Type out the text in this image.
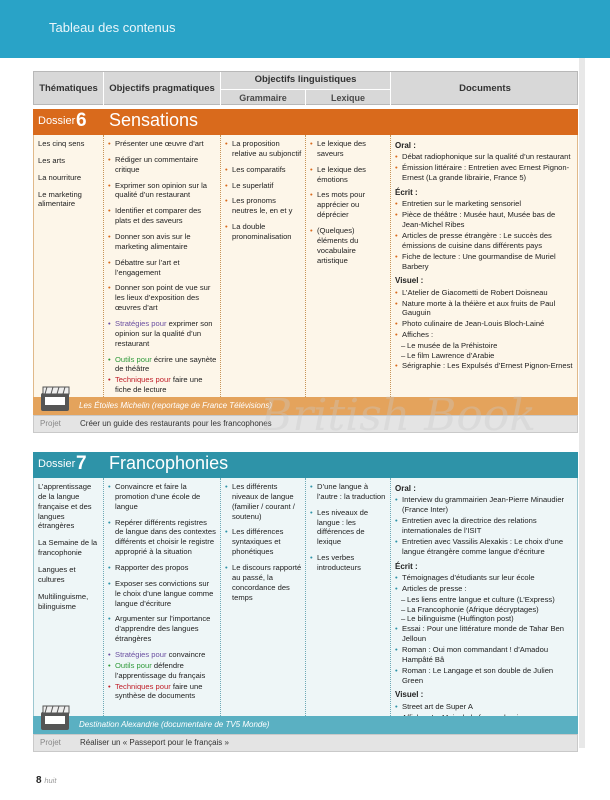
Tableau des contenus
Thématiques	Objectifs pragmatiques
Objectifs linguistiques
Grammaire	Lexique
Documents
Dossier 6 Sensations
Les cinq sens
Les arts
La nourriture
Le marketing alimentaire
• Présenter une œuvre d’art
• Rédiger un commentaire critique
• Exprimer son opinion sur la qualité d’un restaurant
• Identifier et comparer des plats et des saveurs
• Donner son avis sur le marketing alimentaire
• Débattre sur l’art et l’engagement
• Donner son point de vue sur les lieux d’exposition des œuvres d’art
• Stratégies pour exprimer son opinion sur la qualité d’un restaurant
• Outils pour écrire une saynète de théâtre
• Techniques pour faire une fiche de lecture
• La proposition relative au subjonctif
• Les comparatifs
• Le superlatif
• Les pronoms neutres le, en et y
• La double pronominalisation
• Le lexique des saveurs
• Le lexique des émotions
• Les mots pour apprécier ou déprécier
• (Quelques) éléments du vocabulaire artistique
Oral :
• Débat radiophonique sur la qualité d’un restaurant
• Émission littéraire : Entretien avec Ernest Pignon-Ernest (La grande librairie, France 5)
Écrit :
• Entretien sur le marketing sensoriel
• Pièce de théâtre : Musée haut, Musée bas de Jean-Michel Ribes
• Articles de presse étrangère : Le succès des émissions de cuisine dans différents pays
• Fiche de lecture : Une gourmandise de Muriel Barbery
Visuel :
• L’Atelier de Giacometti de Robert Doisneau
• Nature morte à la théière et aux fruits de Paul Gauguin
• Photo culinaire de Jean-Louis Bloch-Lainé
• Affiches :
– Le musée de la Préhistoire
– Le film Lawrence d’Arabie
• Sérigraphie : Les Expulsés d’Ernest Pignon-Ernest
Les Étoiles Michelin (reportage de France Télévisions)
Projet Créer un guide des restaurants pour les francophones
Dossier 7 Francophonies
L’apprentissage de la langue française et des langues étrangères
La Semaine de la francophonie
Langues et cultures
Multilinguisme, bilinguisme
• Convaincre et faire la promotion d’une école de langue
• Repérer différents registres de langue dans des contextes différents et choisir le registre approprié à la situation
• Rapporter des propos
• Exposer ses convictions sur le choix d’une langue comme langue d’écriture
• Argumenter sur l’importance d’apprendre des langues étrangères
• Stratégies pour convaincre
• Outils pour défendre l’apprentissage du français
• Techniques pour faire une synthèse de documents
• Les différents niveaux de langue (familier / courant / soutenu)
• Les différences syntaxiques et phonétiques
• Le discours rapporté au passé, la concordance des temps
• D’une langue à l’autre : la traduction
• Les niveaux de langue : les différences de lexique
• Les verbes introducteurs
Oral :
• Interview du grammairien Jean-Pierre Minaudier (France Inter)
• Entretien avec la directrice des relations internationales de l’ISIT
• Entretien avec Vassilis Alexakis : Le choix d’une langue étrangère comme langue d’écriture
Écrit :
• Témoignages d’étudiants sur leur école
• Articles de presse :
– Les liens entre langue et culture (L’Express)
– La Francophonie (Afrique décryptages)
– Le bilinguisme (Huffington post)
• Essai : Pour une littérature monde de Tahar Ben Jelloun
• Roman : Oui mon commandant ! d’Amadou Hampâté Bâ
• Roman : Le Langage et son double de Julien Green
Visuel :
• Street art de Super A
•
Destination Alexandrie (documentaire de TV5 Monde)
Projet Réaliser un « Passeport pour le français »
British Book
8 huit
